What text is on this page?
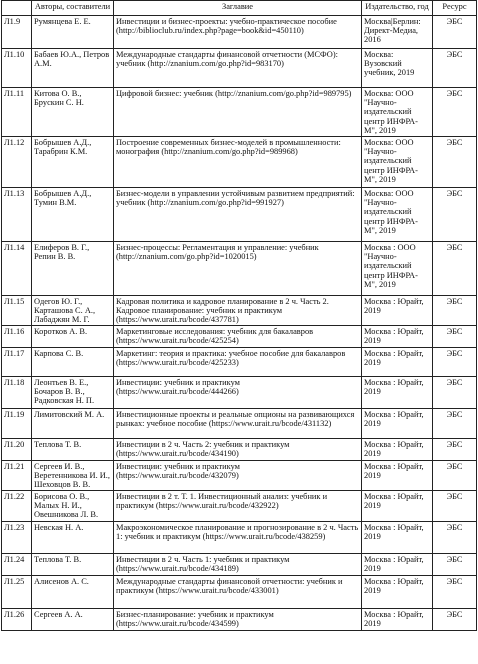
	Авторы, составители	Заглавие	Издательство, год	Ресурс
Л1.9	Румянцева Е. Е.	Инвестиции и бизнес-проекты: учебно-практическое пособие (http://biblioclub.ru/index.php?page=book&id=450110)	Москва|Берлин: Директ-Медиа, 2016	ЭБС
Л1.10	Бабаев Ю.А., Петров А.М.	Международные стандарты финансовой отчетности (МСФО): учебник (http://znanium.com/go.php?id=983170)	Москва: Вузовский учебник, 2019	ЭБС
Л1.11	Китова О. В., Брускин С. Н.	Цифровой бизнес: учебник (http://znanium.com/go.php?id=989795)	Москва: ООО "Научно-издательский центр ИНФРА-М", 2019	ЭБС
Л1.12	Бобрышев А.Д., Тарабрин К.М.	Построение современных бизнес-моделей в промышленности: монография (http://znanium.com/go.php?id=989968)	Москва: ООО "Научно-издательский центр ИНФРА-М", 2019	ЭБС
Л1.13	Бобрышев А.Д., Тумин В.М.	Бизнес-модели в управлении устойчивым развитием предприятий: учебник (http://znanium.com/go.php?id=991927)	Москва: ООО "Научно-издательский центр ИНФРА-М", 2019	ЭБС
Л1.14	Елиферов В. Г., Репин В. В.	Бизнес-процессы: Регламентация и управление: учебник (http://znanium.com/go.php?id=1020015)	Москва : ООО "Научно-издательский центр ИНФРА-М", 2019	ЭБС
Л1.15	Одегов Ю. Г., Карташова С. А., Лабаджян М. Г.	Кадровая политика и кадровое планирование в 2 ч. Часть 2. Кадровое планирование: учебник и практикум (https://www.urait.ru/bcode/437781)	Москва : Юрайт, 2019	ЭБС
Л1.16	Коротков А. В.	Маркетинговые исследования: учебник для бакалавров (https://www.urait.ru/bcode/425254)	Москва : Юрайт, 2019	ЭБС
Л1.17	Карпова С. В.	Маркетинг: теория и практика: учебное пособие для бакалавров (https://www.urait.ru/bcode/425233)	Москва : Юрайт, 2019	ЭБС
Л1.18	Леонтьев В. Е., Бочаров В. В., Радковская Н. П.	Инвестиции: учебник и практикум (https://www.urait.ru/bcode/444266)	Москва : Юрайт, 2019	ЭБС
Л1.19	Лимитовский М. А.	Инвестиционные проекты и реальные опционы на развивающихся рынках: учебное пособие (https://www.urait.ru/bcode/431132)	Москва : Юрайт, 2019	ЭБС
Л1.20	Теплова Т. В.	Инвестиции в 2 ч. Часть 2: учебник и практикум (https://www.urait.ru/bcode/434190)	Москва : Юрайт, 2019	ЭБС
Л1.21	Сергеев И. В., Веретенникова И. И., Шеховцов В. В.	Инвестиции: учебник и практикум (https://www.urait.ru/bcode/432079)	Москва : Юрайт, 2019	ЭБС
Л1.22	Борисова О. В., Малых Н. И., Овешникова Л. В.	Инвестиции в 2 т. Т. 1. Инвестиционный анализ: учебник и практикум (https://www.urait.ru/bcode/432922)	Москва : Юрайт, 2019	ЭБС
Л1.23	Невская Н. А.	Макроэкономическое планирование и прогнозирование в 2 ч. Часть 1: учебник и практикум (https://www.urait.ru/bcode/438259)	Москва : Юрайт, 2019	ЭБС
Л1.24	Теплова Т. В.	Инвестиции в 2 ч. Часть 1: учебник и практикум (https://www.urait.ru/bcode/434189)	Москва : Юрайт, 2019	ЭБС
Л1.25	Алисенов А. С.	Международные стандарты финансовой отчетности: учебник и практикум (https://www.urait.ru/bcode/433001)	Москва : Юрайт, 2019	ЭБС
Л1.26	Сергеев А. А.	Бизнес-планирование: учебник и практикум (https://www.urait.ru/bcode/434599)	Москва : Юрайт, 2019	ЭБС
